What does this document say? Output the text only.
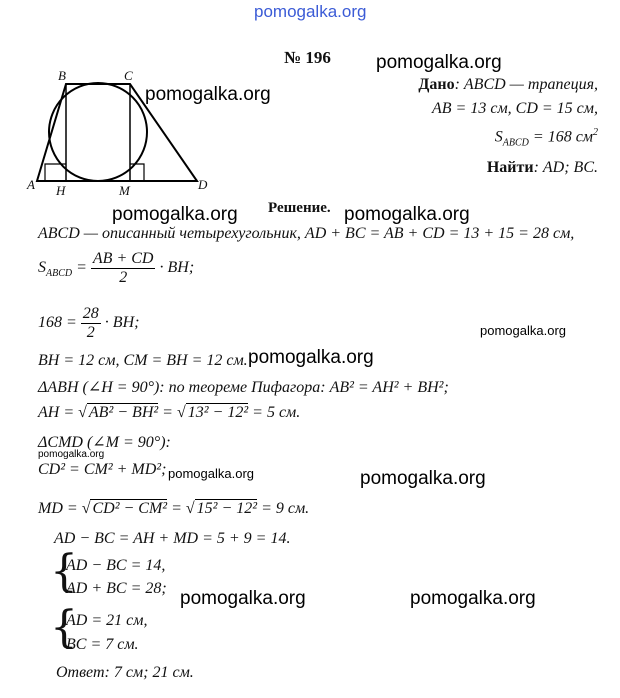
pomogalka.org
№ 196
B	C
A H	M	D
Дано: ABCD — трапеция,
AB = 13 см, CD = 15 см,
$S_{ABCD} = 168$ $см^2$
Найти: AD; BC.
Решение.
ABCD — описанный четырехугольник, AD + BC = AB + CD = 13 + 15 = 28 см,
$S_{ABCD} = \frac{AB + CD}{2}$ · BH;
$168 = \frac{28}{2}$ · BH;
BH = 12 см, CM = BH = 12 см.
ΔABH (∠H = 90°): по теореме Пифагора: AB² = AH² + BH²;
AH = √ AB² − BH² = √ 13² − 12² = 5 см.
ΔCMD (∠M = 90°):
CD² = CM² + MD²;
MD = √ CD² − CM² = √ 15² − 12² = 9 см.
AD − BC = AH + MD = 5 + 9 = 14.
{
AD − BC = 14,
AD + BC = 28;
{
AD = 21 см,
BC = 7 см.
Ответ: 7 см; 21 см.
pomogalka.org
pomogalka.org
pomogalka.org	pomogalka.org
pomogalka.org
pomogalka.org
pomogalka.org
pomogalka.org	pomogalka.org
pomogalka.org	pomogalka.org
